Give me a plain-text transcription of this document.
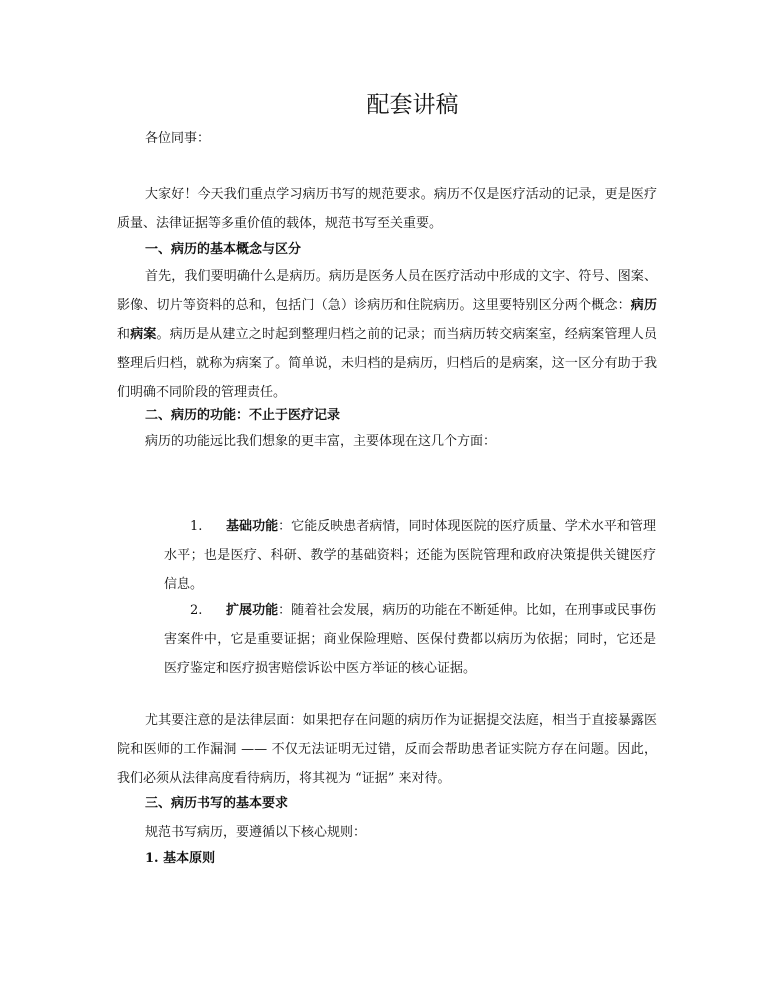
配套讲稿
各位同事：

大家好！今天我们重点学习病历书写的规范要求。病历不仅是医疗活动的记录，更是医疗质量、法律证据等多重价值的载体，规范书写至关重要。

一、病历的基本概念与区分

首先，我们要明确什么是病历。病历是医务人员在医疗活动中形成的文字、符号、图案、影像、切片等资料的总和，包括门（急）诊病历和住院病历。这里要特别区分两个概念：病历和病案。病历是从建立之时起到整理归档之前的记录；而当病历转交病案室，经病案管理人员整理后归档，就称为病案了。简单说，未归档的是病历，归档后的是病案，这一区分有助于我们明确不同阶段的管理责任。

二、病历的功能：不止于医疗记录

病历的功能远比我们想象的更丰富，主要体现在这几个方面：

1. 基础功能：它能反映患者病情，同时体现医院的医疗质量、学术水平和管理水平；也是医疗、科研、教学的基础资料；还能为医院管理和政府决策提供关键医疗信息。

2. 扩展功能：随着社会发展，病历的功能在不断延伸。比如，在刑事或民事伤害案件中，它是重要证据；商业保险理赔、医保付费都以病历为依据；同时，它还是医疗鉴定和医疗损害赔偿诉讼中医方举证的核心证据。

尤其要注意的是法律层面：如果把存在问题的病历作为证据提交法庭，相当于直接暴露医院和医师的工作漏洞 —— 不仅无法证明无过错，反而会帮助患者证实院方存在问题。因此，我们必须从法律高度看待病历，将其视为 “证据” 来对待。

三、病历书写的基本要求

规范书写病历，要遵循以下核心规则：

1. 基本原则
